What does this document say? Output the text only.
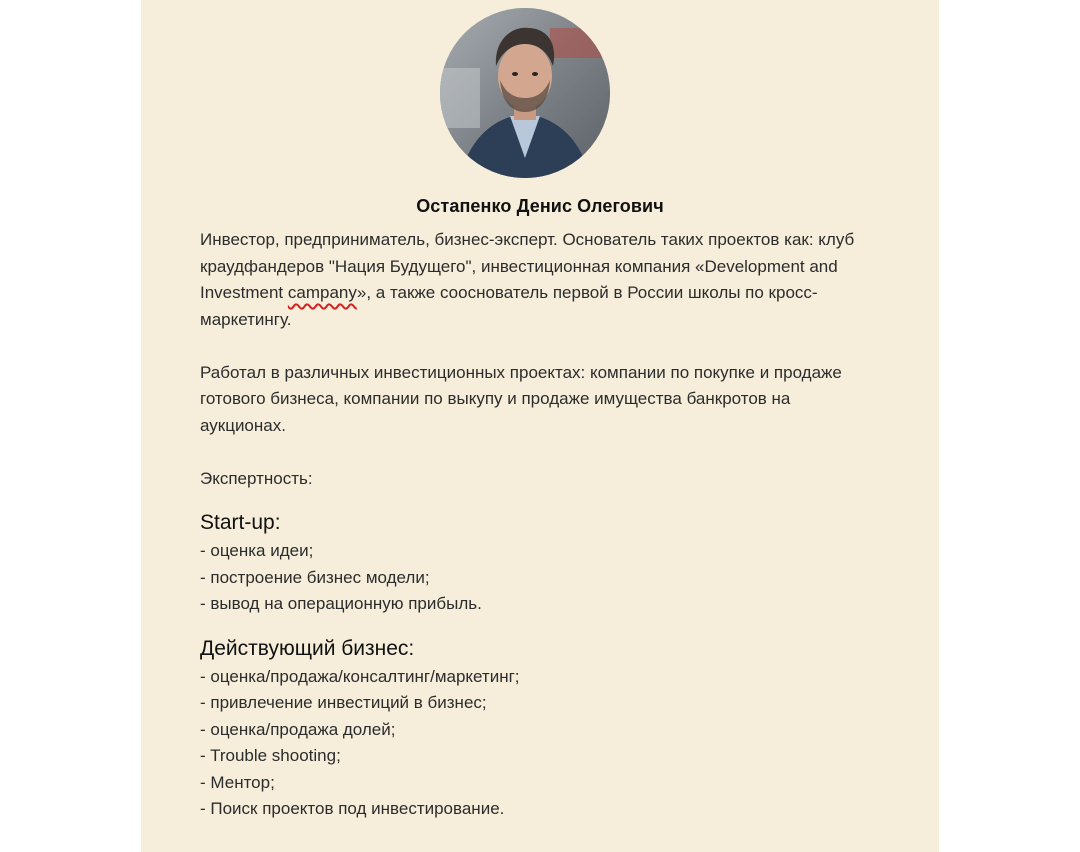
Остапенко Денис Олегович

Инвестор, предприниматель, бизнес-эксперт. Основатель таких проектов как: клуб краудфандеров "Нация Будущего", инвестиционная компания «Development and Investment campany», а также сооснователь первой в России школы по кросс-маркетингу.

Работал в различных инвестиционных проектах: компании по покупке и продаже готового бизнеса, компании по выкупу и продаже имущества банкротов на аукционах.

Экспертность:

Start-up:
- оценка идеи;
- построение бизнес модели;
- вывод на операционную прибыль.
Действующий бизнес:
- оценка/продажа/консалтинг/маркетинг;
- привлечение инвестиций в бизнес;
- оценка/продажа долей;
- Trouble shooting;
- Ментор;
- Поиск проектов под инвестирование.
